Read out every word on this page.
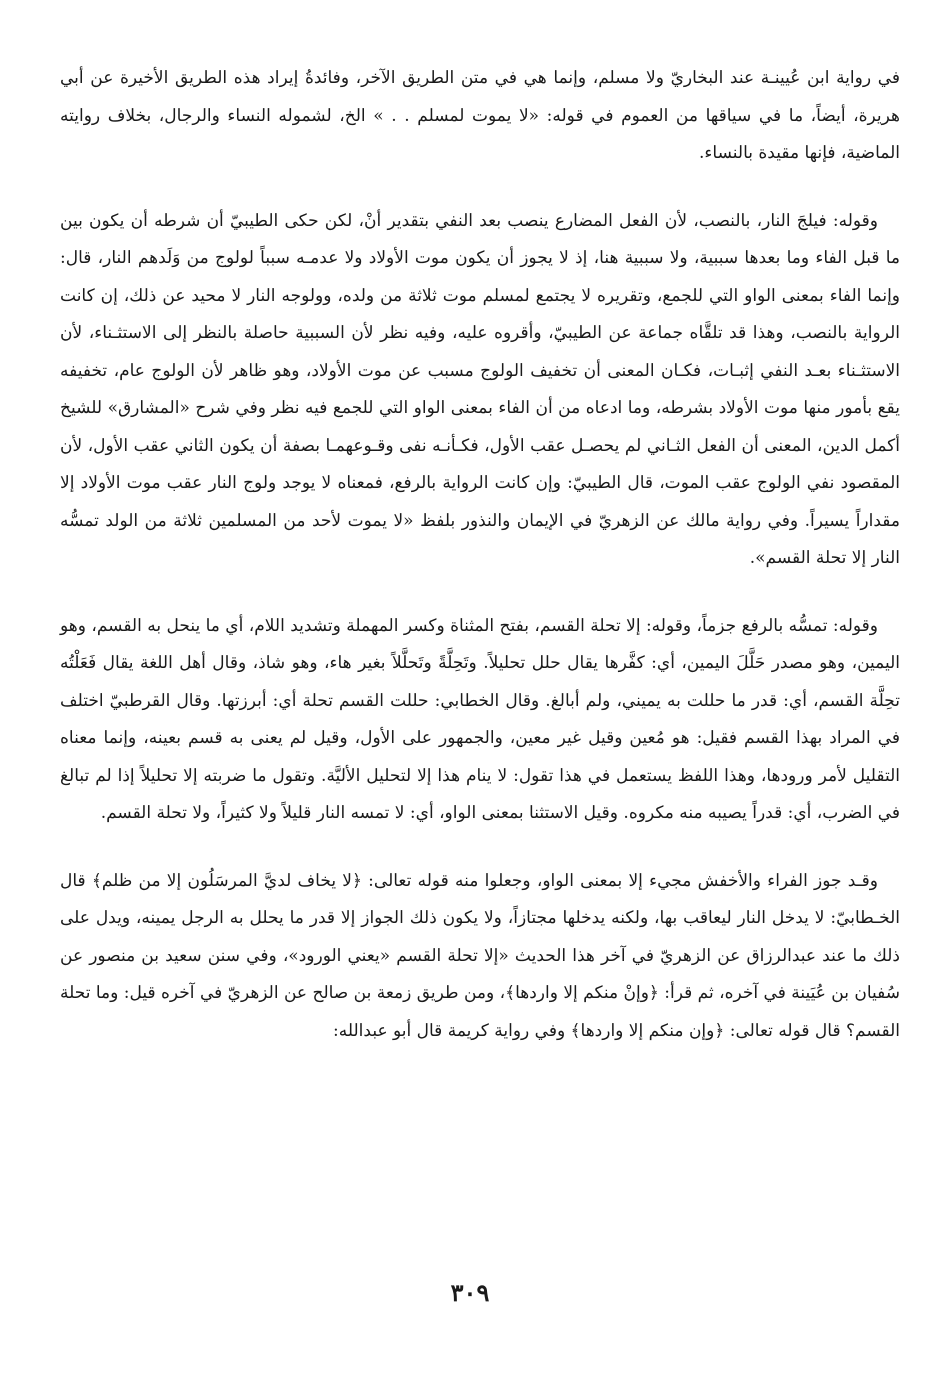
في رواية ابن عُيينـة عند البخاريّ ولا مسلم، وإنما هي في متن الطريق الآخر، وفائدةُ إيراد هذه الطريق الأخيرة عن أبي هريرة، أيضاً، ما في سياقها من العموم في قوله: «لا يموت لمسلم . . » الخ، لشموله النساء والرجال، بخلاف روايته الماضية، فإنها مقيدة بالنساء.

وقوله: فيلجَ النار، بالنصب، لأن الفعل المضارع ينصب بعد النفي بتقدير أنْ، لكن حكى الطيبيّ أن شرطه أن يكون بين ما قبل الفاء وما بعدها سببية، ولا سببية هنا، إذ لا يجوز أن يكون موت الأولاد ولا عدمـه سبباً لولوج من وَلَدهم النار، قال: وإنما الفاء بمعنى الواو التي للجمع، وتقريره لا يجتمع لمسلم موت ثلاثة من ولده، وولوجه النار لا محيد عن ذلك، إن كانت الرواية بالنصب، وهذا قد تلقَّاه جماعة عن الطيبيّ، وأقروه عليه، وفيه نظر لأن السببية حاصلة بالنظر إلى الاستثـناء، لأن الاستثـناء بعـد النفي إثبـات، فكـان المعنى أن تخفيف الولوج مسبب عن موت الأولاد، وهو ظاهر لأن الولوج عام، تخفيفه يقع بأمور منها موت الأولاد بشرطه، وما ادعاه من أن الفاء بمعنى الواو التي للجمع فيه نظر وفي شرح «المشارق» للشيخ أكمل الدين، المعنى أن الفعل الثـاني لم يحصـل عقب الأول، فكـأنـه نفى وقـوعهمـا بصفة أن يكون الثاني عقب الأول، لأن المقصود نفي الولوج عقب الموت، قال الطيبيّ: وإن كانت الرواية بالرفع، فمعناه لا يوجد ولوج النار عقب موت الأولاد إلا مقداراً يسيراً. وفي رواية مالك عن الزهريّ في الإيمان والنذور بلفظ «لا يموت لأحد من المسلمين ثلاثة من الولد تمسُّه النار إلا تحلة القسم».

وقوله: تمسُّه بالرفع جزماً، وقوله: إلا تحلة القسم، بفتح المثناة وكسر المهملة وتشديد اللام، أي ما ينحل به القسم، وهو اليمين، وهو مصدر حَلَّلَ اليمين، أي: كفَّرها يقال حلل تحليلاً. وتَحِلَّةً وتَحلَّلاً بغير هاء، وهو شاذ، وقال أهل اللغة يقال فَعَلْتُه تحِلَّة القسم، أي: قدر ما حللت به يميني، ولم أبالغ. وقال الخطابي: حللت القسم تحلة أي: أبرزتها. وقال القرطبيّ اختلف في المراد بهذا القسم فقيل: هو مُعين وقيل غير معين، والجمهور على الأول، وقيل لم يعنى به قسم بعينه، وإنما معناه التقليل لأمر ورودها، وهذا اللفظ يستعمل في هذا تقول: لا ينام هذا إلا لتحليل الأليَّة. وتقول ما ضربته إلا تحليلاً إذا لم تبالغ في الضرب، أي: قدراً يصيبه منه مكروه. وقيل الاستثنا بمعنى الواو، أي: لا تمسه النار قليلاً ولا كثيراً، ولا تحلة القسم.

وقـد جوز الفراء والأخفش مجيء إلا بمعنى الواو، وجعلوا منه قوله تعالى: ﴿لا يخاف لديَّ المرسَلُون إلا من ظلم﴾ قال الخـطابيّ: لا يدخل النار ليعاقب بها، ولكنه يدخلها مجتازاً، ولا يكون ذلك الجواز إلا قدر ما يحلل به الرجل يمينه، ويدل على ذلك ما عند عبدالرزاق عن الزهريّ في آخر هذا الحديث «إلا تحلة القسم «يعني الورود»، وفي سنن سعيد بن منصور عن سُفيان بن عُيَينة في آخره، ثم قرأ: ﴿وإنْ منكم إلا واردها﴾، ومن طريق زمعة بن صالح عن الزهريّ في آخره قيل: وما تحلة القسم؟ قال قوله تعالى: ﴿وإن منكم إلا واردها﴾ وفي رواية كريمة قال أبو عبدالله:

٣٠٩
